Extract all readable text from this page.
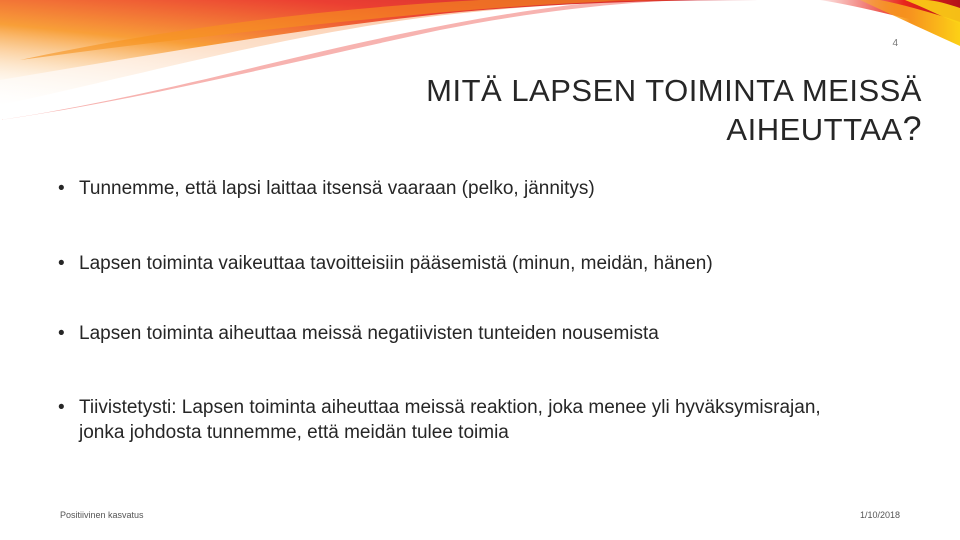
4
MITÄ LAPSEN TOIMINTA MEISSÄ
AIHEUTTAA?
• Tunnemme, että lapsi laittaa itsensä vaaraan (pelko, jännitys)
• Lapsen toiminta vaikeuttaa tavoitteisiin pääsemistä (minun, meidän, hänen)
• Lapsen toiminta aiheuttaa meissä negatiivisten tunteiden nousemista
• Tiivistetysti: Lapsen toiminta aiheuttaa meissä reaktion, joka menee yli hyväksymisrajan, jonka johdosta tunnemme, että meidän tulee toimia
Positiivinen kasvatus	1/10/2018
